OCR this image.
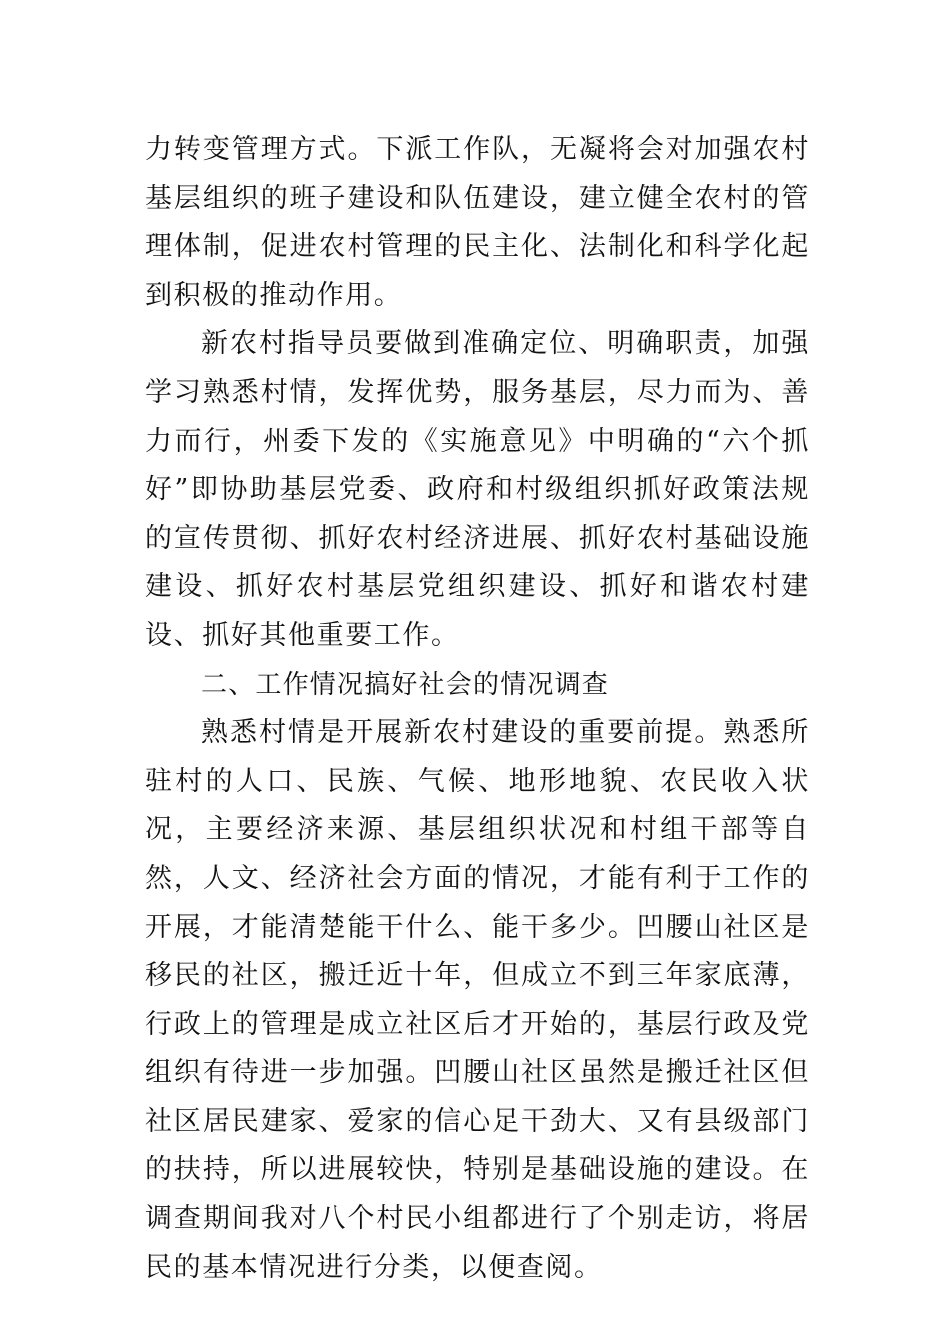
力转变管理方式。下派工作队，无凝将会对加强农村基层组织的班子建设和队伍建设，建立健全农村的管理体制，促进农村管理的民主化、法制化和科学化起到积极的推动作用。

新农村指导员要做到准确定位、明确职责，加强学习熟悉村情，发挥优势，服务基层，尽力而为、善力而行，州委下发的《实施意见》中明确的“六个抓好”即协助基层党委、政府和村级组织抓好政策法规的宣传贯彻、抓好农村经济进展、抓好农村基础设施建设、抓好农村基层党组织建设、抓好和谐农村建设、抓好其他重要工作。

二、工作情况搞好社会的情况调查

熟悉村情是开展新农村建设的重要前提。熟悉所驻村的人口、民族、气候、地形地貌、农民收入状况，主要经济来源、基层组织状况和村组干部等自然，人文、经济社会方面的情况，才能有利于工作的开展，才能清楚能干什么、能干多少。凹腰山社区是移民的社区，搬迁近十年，但成立不到三年家底薄，行政上的管理是成立社区后才开始的，基层行政及党组织有待进一步加强。凹腰山社区虽然是搬迁社区但社区居民建家、爱家的信心足干劲大、又有县级部门的扶持，所以进展较快，特别是基础设施的建设。在调查期间我对八个村民小组都进行了个别走访，将居民的基本情况进行分类，以便查阅。
